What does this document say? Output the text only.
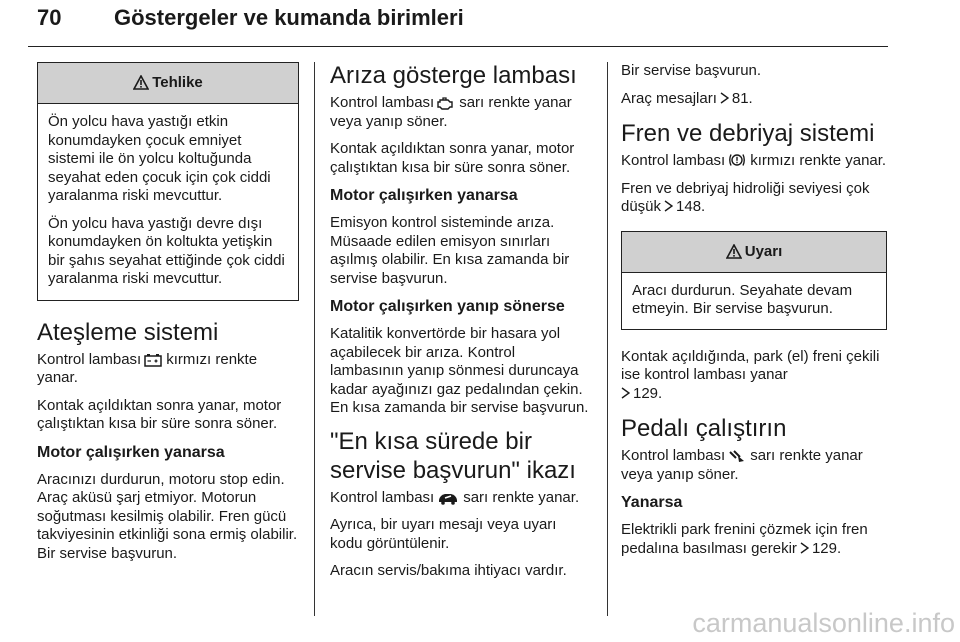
70 Göstergeler ve kumanda birimleri
Tehlike

Ön yolcu hava yastığı etkin konumdayken çocuk emniyet sistemi ile ön yolcu koltuğunda seyahat eden çocuk için çok ciddi yaralanma riski mevcuttur.

Ön yolcu hava yastığı devre dışı konumdayken ön koltukta yetişkin bir şahıs seyahat ettiğinde çok ciddi yaralanma riski mevcuttur.

Ateşleme sistemi

Kontrol lambası kırmızı renkte yanar.

Kontak açıldıktan sonra yanar, motor çalıştıktan kısa bir süre sonra söner.

Motor çalışırken yanarsa

Aracınızı durdurun, motoru stop edin. Araç aküsü şarj etmiyor. Motorun soğutması kesilmiş olabilir. Fren gücü takviyesinin etkinliği sona ermiş olabilir. Bir servise başvurun.

Arıza gösterge lambası

Kontrol lambası sarı renkte yanar veya yanıp söner.

Kontak açıldıktan sonra yanar, motor çalıştıktan kısa bir süre sonra söner.

Motor çalışırken yanarsa

Emisyon kontrol sisteminde arıza. Müsaade edilen emisyon sınırları aşılmış olabilir. En kısa zamanda bir servise başvurun.

Motor çalışırken yanıp sönerse

Katalitik konvertörde bir hasara yol açabilecek bir arıza. Kontrol lambasının yanıp sönmesi duruncaya kadar ayağınızı gaz pedalından çekin. En kısa zamanda bir servise başvurun.

"En kısa sürede bir servise başvurun" ikazı

Kontrol lambası sarı renkte yanar.

Ayrıca, bir uyarı mesajı veya uyarı kodu görüntülenir.

Aracın servis/bakıma ihtiyacı vardır.

Bir servise başvurun.

Araç mesajları 81.

Fren ve debriyaj sistemi

Kontrol lambası kırmızı renkte yanar.

Fren ve debriyaj hidroliği seviyesi çok düşük 148.

Uyarı

Aracı durdurun. Seyahate devam etmeyin. Bir servise başvurun.

Kontak açıldığında, park (el) freni çekili ise kontrol lambası yanar
129.

Pedalı çalıştırın

Kontrol lambası sarı renkte yanar veya yanıp söner.

Yanarsa

Elektrikli park frenini çözmek için fren pedalına basılması gerekir 129.

carmanualsonline.info
